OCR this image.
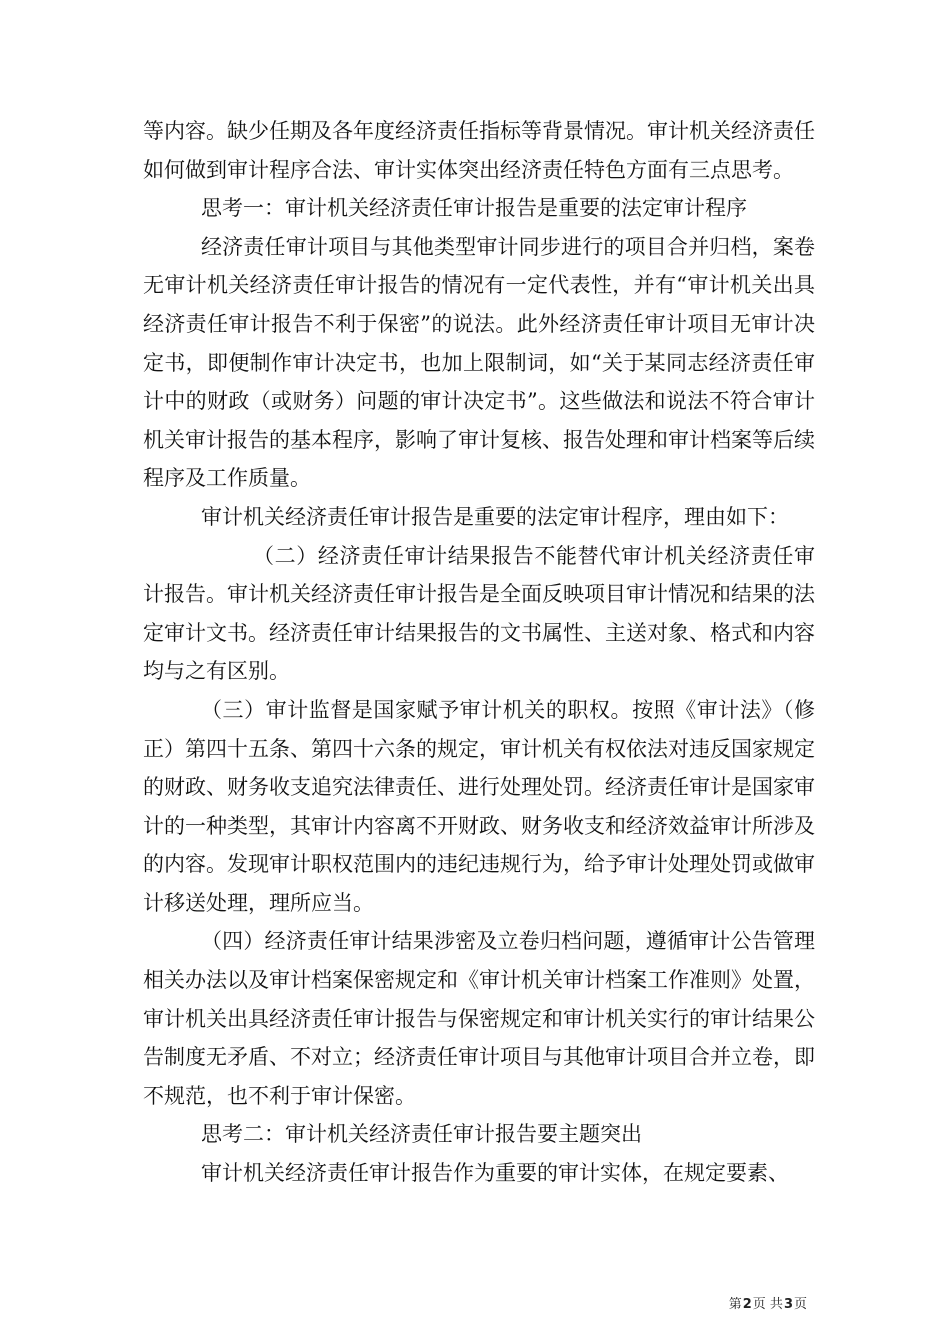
等内容。缺少任期及各年度经济责任指标等背景情况。审计机关经济责任如何做到审计程序合法、审计实体突出经济责任特色方面有三点思考。

思考一：审计机关经济责任审计报告是重要的法定审计程序

经济责任审计项目与其他类型审计同步进行的项目合并归档，案卷无审计机关经济责任审计报告的情况有一定代表性，并有“审计机关出具经济责任审计报告不利于保密”的说法。此外经济责任审计项目无审计决定书，即便制作审计决定书，也加上限制词，如“关于某同志经济责任审计中的财政（或财务）问题的审计决定书”。这些做法和说法不符合审计机关审计报告的基本程序，影响了审计复核、报告处理和审计档案等后续程序及工作质量。

审计机关经济责任审计报告是重要的法定审计程序，理由如下：

（二）经济责任审计结果报告不能替代审计机关经济责任审计报告。审计机关经济责任审计报告是全面反映项目审计情况和结果的法定审计文书。经济责任审计结果报告的文书属性、主送对象、格式和内容均与之有区别。

（三）审计监督是国家赋予审计机关的职权。按照《审计法》（修正）第四十五条、第四十六条的规定，审计机关有权依法对违反国家规定的财政、财务收支追究法律责任、进行处理处罚。经济责任审计是国家审计的一种类型，其审计内容离不开财政、财务收支和经济效益审计所涉及的内容。发现审计职权范围内的违纪违规行为，给予审计处理处罚或做审计移送处理，理所应当。

（四）经济责任审计结果涉密及立卷归档问题，遵循审计公告管理相关办法以及审计档案保密规定和《审计机关审计档案工作准则》处置，审计机关出具经济责任审计报告与保密规定和审计机关实行的审计结果公告制度无矛盾、不对立；经济责任审计项目与其他审计项目合并立卷，即不规范，也不利于审计保密。

思考二：审计机关经济责任审计报告要主题突出

审计机关经济责任审计报告作为重要的审计实体，在规定要素、

第2页 共3页
